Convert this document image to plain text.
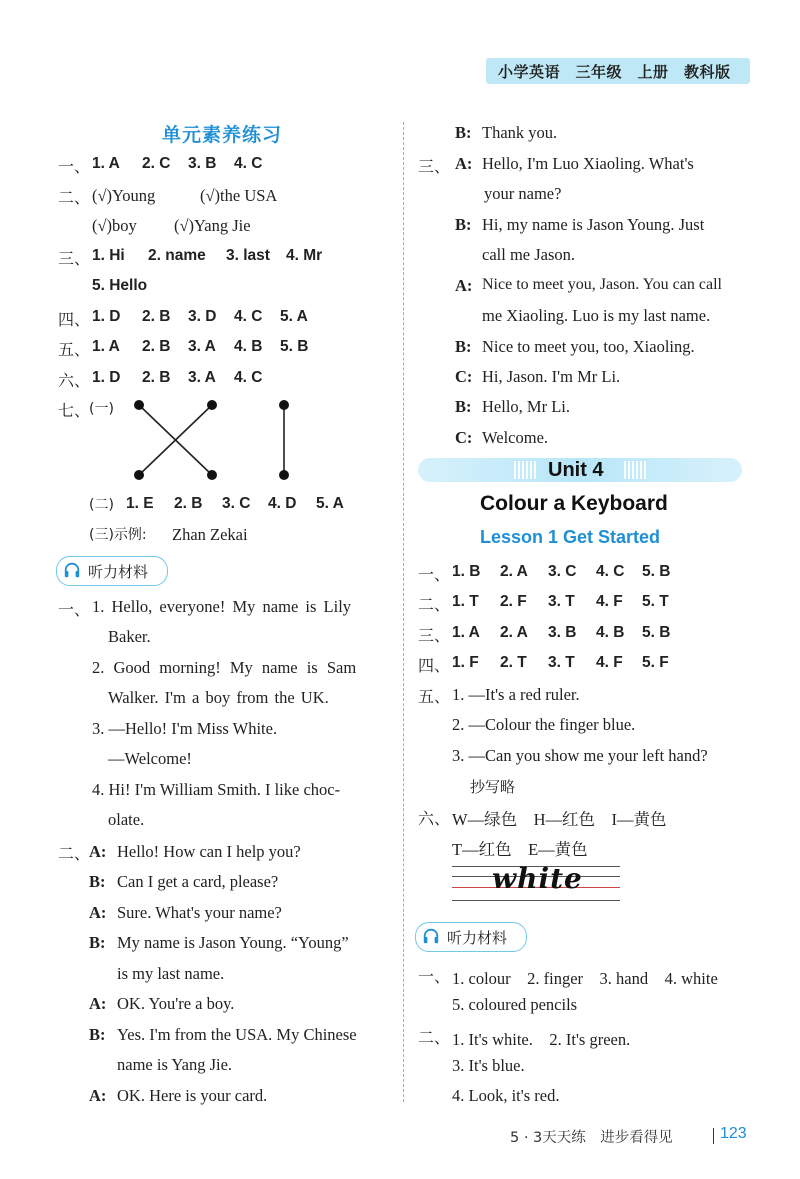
小学英语　三年级　上册　教科版
单元素养练习
一、 1. A 2. C 3. B 4. C
二、 (√)Young	(√)the USA
(√)boy (√)Yang Jie
三、 1. Hi 2. name 3. last 4. Mr
5. Hello
四、 1. D 2. B 3. D 4. C 5. A
五、 1. A 2. B 3. A 4. B 5. B
六、 1. D 2. B 3. A 4. C
七、
(一)
(二) 1. E 2. B 3. C 4. D 5. A
(三)示例: Zhan Zekai
听力材料
一、 1. Hello, everyone! My name is Lily
Baker.
2. Good morning! My name is Sam
Walker. I'm a boy from the UK.
3. —Hello! I'm Miss White.
—Welcome!
4. Hi! I'm William Smith. I like choc-
olate.
二、
A: Hello! How can I help you?
B: Can I get a card, please?
A: Sure. What's your name?
B: My name is Jason Young. “Young”
is my last name.
A: OK. You're a boy.
B: Yes. I'm from the USA. My Chinese
name is Yang Jie.
A: OK. Here is your card.
B: Thank you.
三、 A: Hello, I'm Luo Xiaoling. What's
your name?
B: Hi, my name is Jason Young. Just
call me Jason.
A: Nice to meet you, Jason. You can call
me Xiaoling. Luo is my last name.
B: Nice to meet you, too, Xiaoling.
C: Hi, Jason. I'm Mr Li.
B: Hello, Mr Li.
C: Welcome.
Unit 4
Colour a Keyboard
Lesson 1 Get Started
一、 1. B 2. A 3. C 4. C 5. B
二、 1. T 2. F 3. T 4. F 5. T
三、 1. A 2. A 3. B 4. B 5. B
四、 1. F 2. T 3. T 4. F 5. F
五、 1. —It's a red ruler.
2. —Colour the finger blue.
3. —Can you show me your left hand?
抄写略
六、 W—绿色　H—红色　I—黄色
T—红色　E—黄色
white
听力材料
一、 1. colour　2. finger　3. hand　4. white
5. coloured pencils
二、 1. It's white.　2. It's green.
3. It's blue.
4. Look, it's red.
5 · 3天天练　进步看得见	123
